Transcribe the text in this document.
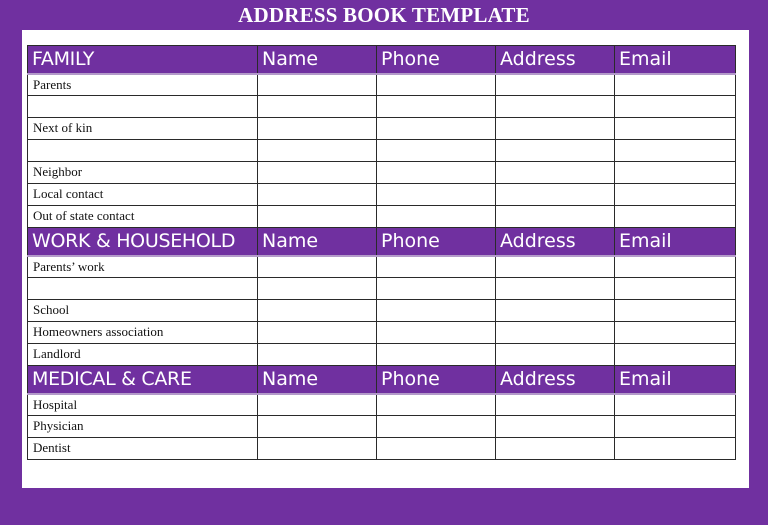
ADDRESS BOOK TEMPLATE
FAMILY	Name	Phone	Address	Email
Parents				

Next of kin				

Neighbor				
Local contact				
Out of state contact				
WORK & HOUSEHOLD	Name	Phone	Address	Email
Parents’ work				

School				
Homeowners association				
Landlord				
MEDICAL & CARE	Name	Phone	Address	Email
Hospital				
Physician				
Dentist				
